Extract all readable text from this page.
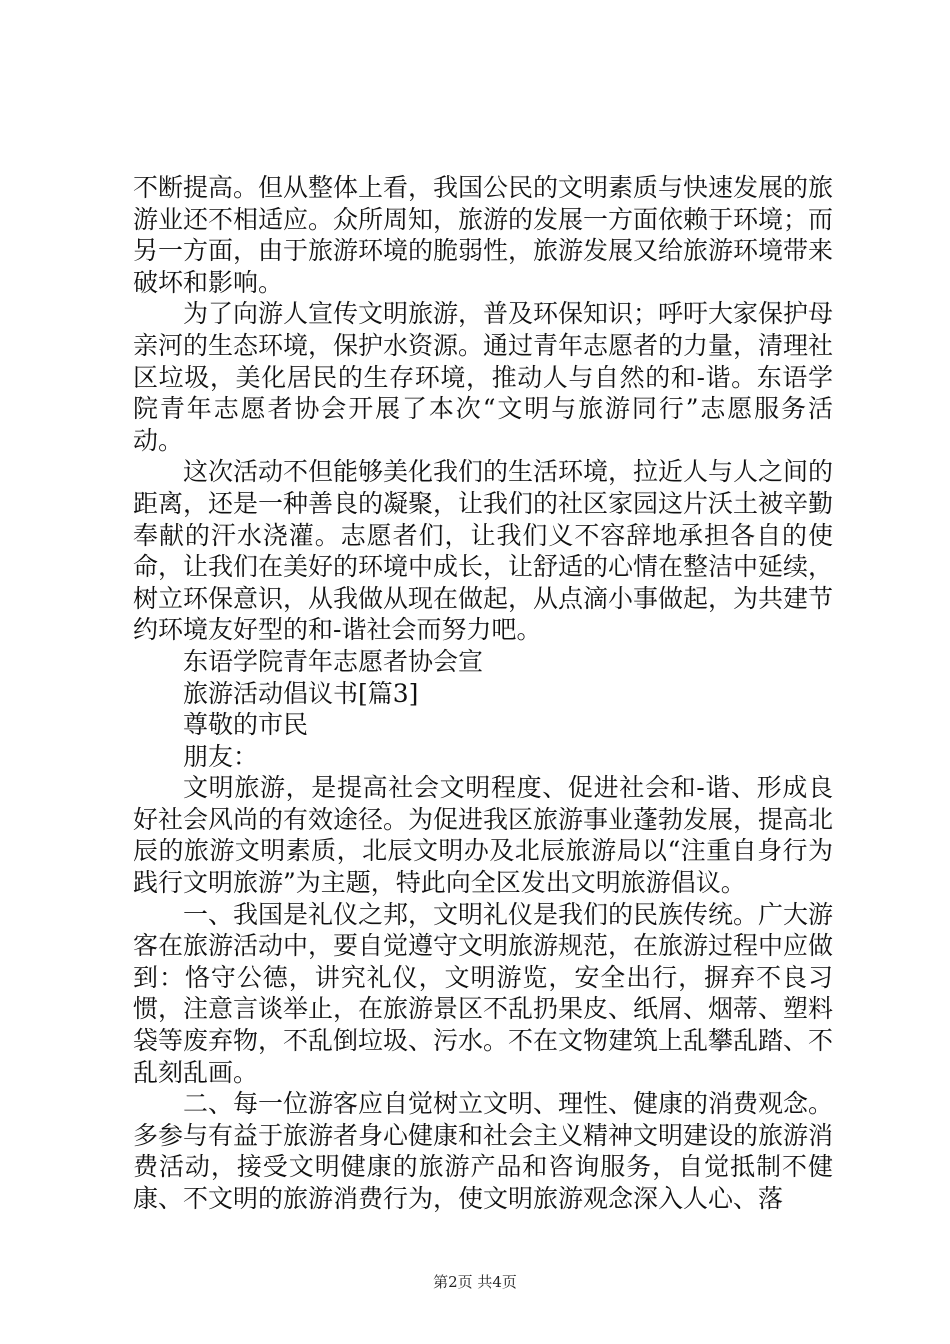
不断提高。但从整体上看，我国公民的文明素质与快速发展的旅游业还不相适应。众所周知，旅游的发展一方面依赖于环境；而另一方面，由于旅游环境的脆弱性，旅游发展又给旅游环境带来破坏和影响。

为了向游人宣传文明旅游，普及环保知识；呼吁大家保护母亲河的生态环境，保护水资源。通过青年志愿者的力量，清理社区垃圾，美化居民的生存环境，推动人与自然的和-谐。东语学院青年志愿者协会开展了本次“文明与旅游同行”志愿服务活动。

这次活动不但能够美化我们的生活环境，拉近人与人之间的距离，还是一种善良的凝聚，让我们的社区家园这片沃土被辛勤奉献的汗水浇灌。志愿者们，让我们义不容辞地承担各自的使命，让我们在美好的环境中成长，让舒适的心情在整洁中延续，树立环保意识，从我做从现在做起，从点滴小事做起，为共建节约环境友好型的和-谐社会而努力吧。

东语学院青年志愿者协会宣

旅游活动倡议书[篇3]

尊敬的市民

朋友：

文明旅游，是提高社会文明程度、促进社会和-谐、形成良好社会风尚的有效途径。为促进我区旅游事业蓬勃发展，提高北辰的旅游文明素质，北辰文明办及北辰旅游局以“注重自身行为践行文明旅游”为主题，特此向全区发出文明旅游倡议。

一、我国是礼仪之邦，文明礼仪是我们的民族传统。广大游客在旅游活动中，要自觉遵守文明旅游规范，在旅游过程中应做到：恪守公德，讲究礼仪，文明游览，安全出行，摒弃不良习惯，注意言谈举止，在旅游景区不乱扔果皮、纸屑、烟蒂、塑料袋等废弃物，不乱倒垃圾、污水。不在文物建筑上乱攀乱踏、不乱刻乱画。

二、每一位游客应自觉树立文明、理性、健康的消费观念。多参与有益于旅游者身心健康和社会主义精神文明建设的旅游消费活动，接受文明健康的旅游产品和咨询服务，自觉抵制不健康、不文明的旅游消费行为，使文明旅游观念深入人心、落

第2页 共4页
